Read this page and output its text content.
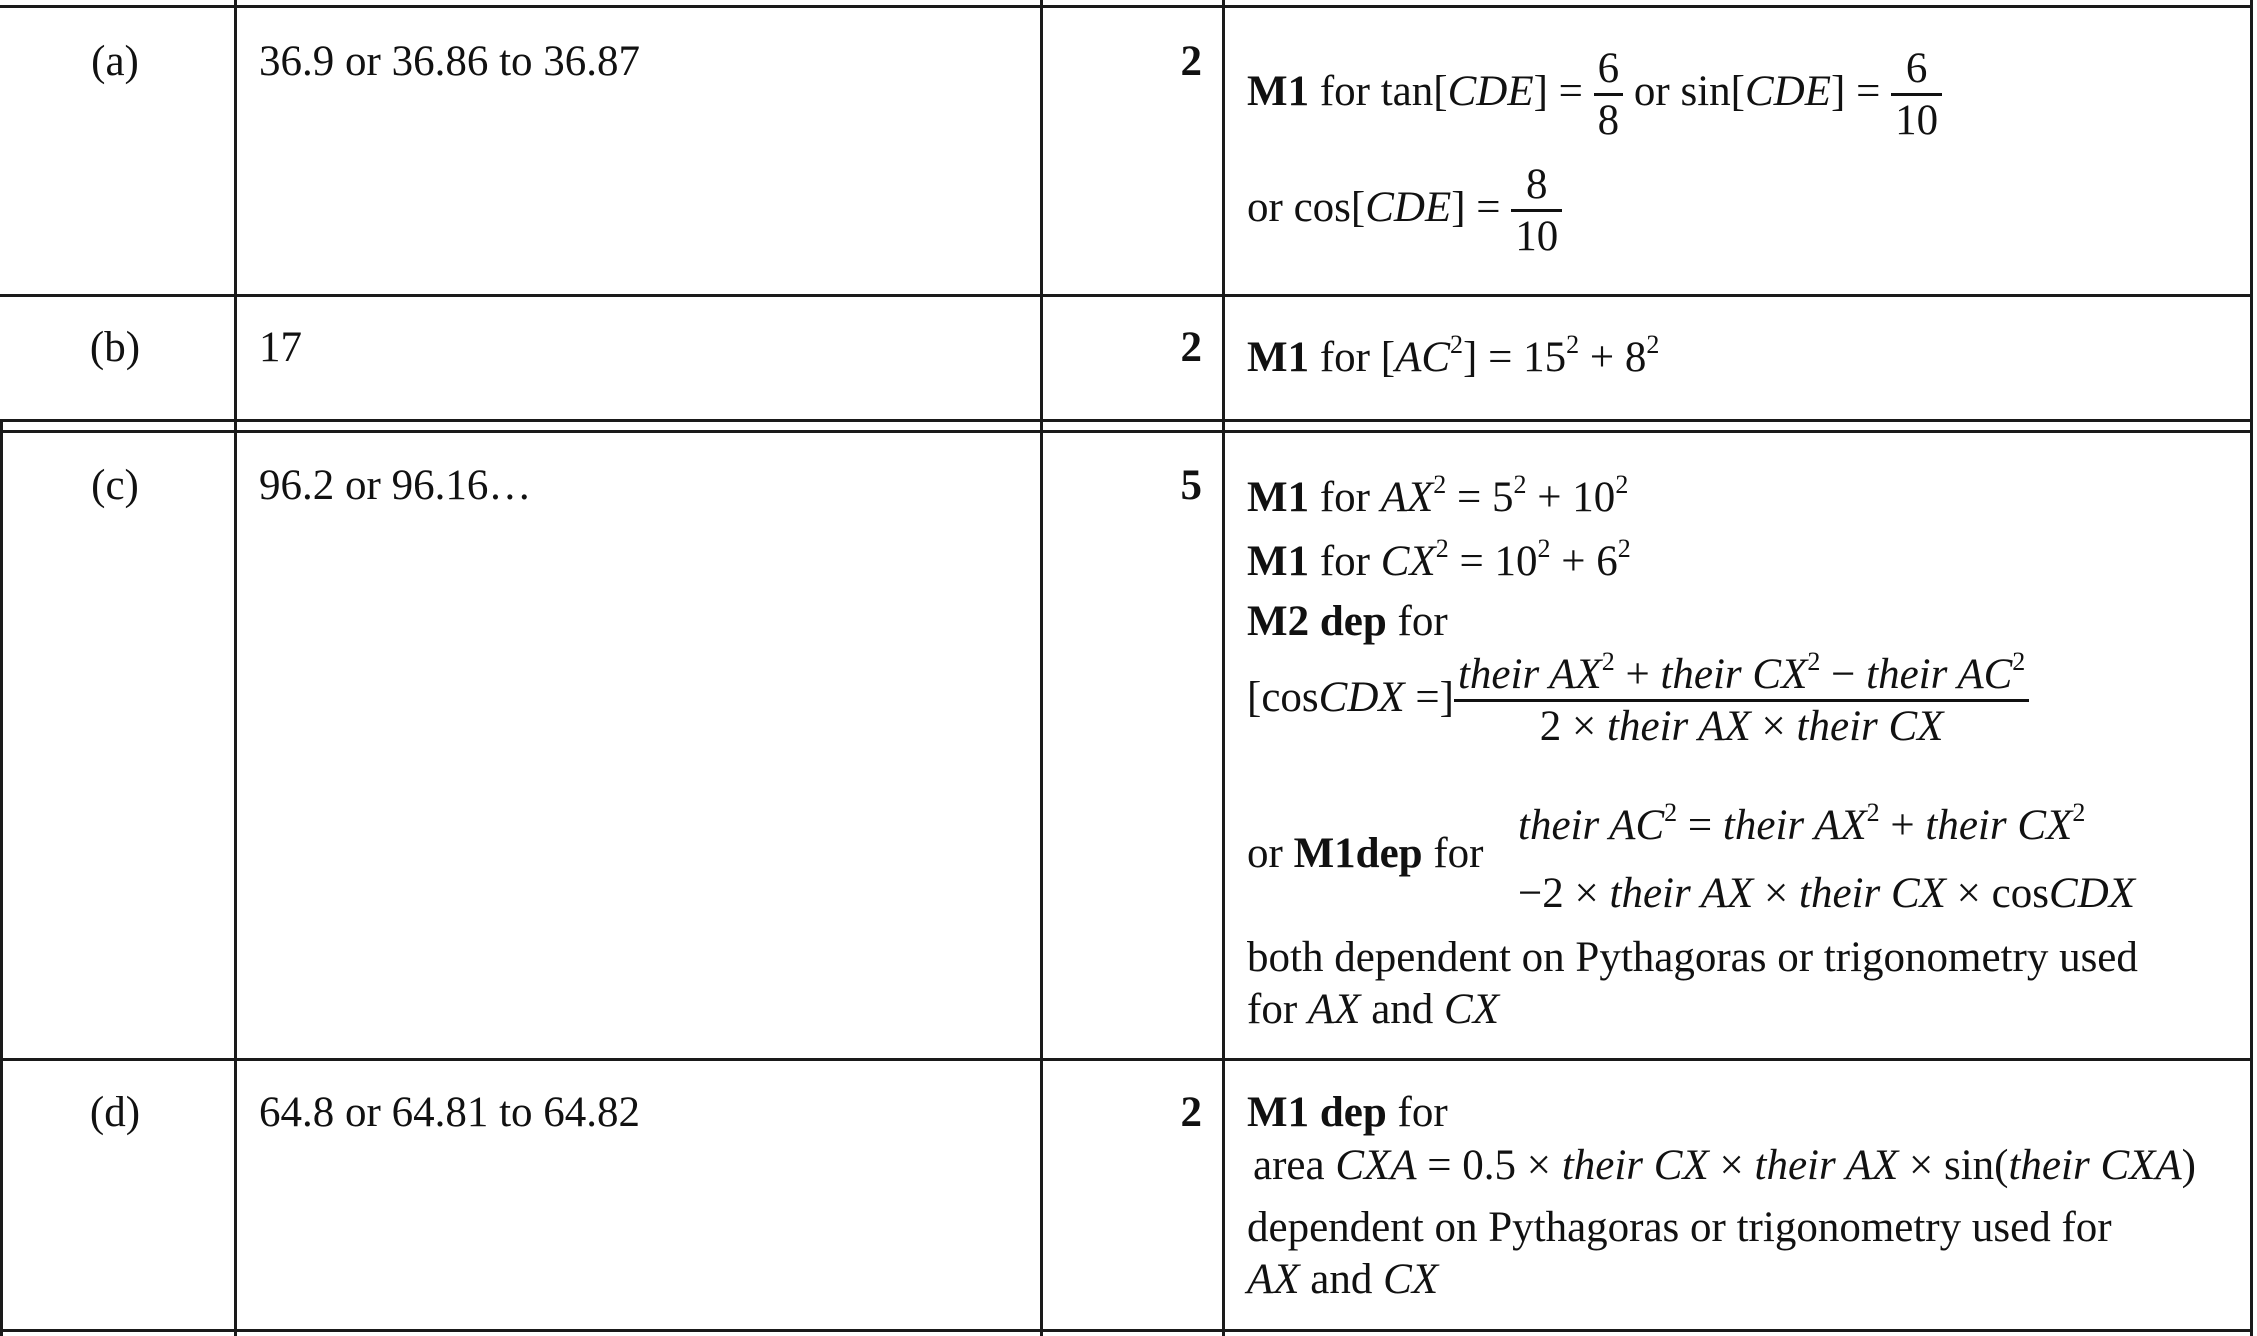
(a)	36.9 or 36.86 to 36.87	2
M1 for $\tan[CDE] = \frac{6}{8}$ or $\sin[CDE] = \frac{6}{10}$
or $\cos[CDE] = \frac{8}{10}$
(b)	17	2 M1 for $[AC^2] = 15^2 + 8^2$
(c)	96.2 or 96.16…	5 M1 for $AX^2 = 5^2 + 10^2$
M1 for $CX^2 = 10^2 + 6^2$
M2 dep for
[cosCDX =] $\frac{their AX^2 + their CX^2 - their AC^2}{\text{2 × their AX × their CX}}$
or M1dep for
their $AC^2$ = their $AX^2$ + their $CX^2$
−2 × their AX × their CX × cosCDX
both dependent on Pythagoras or trigonometry used
for AX and CX
(d)	64.8 or 64.81 to 64.82	2 M1 dep for
area CXA = 0.5 × their CX × their AX × sin(their CXA)
dependent on Pythagoras or trigonometry used for
AX and CX
